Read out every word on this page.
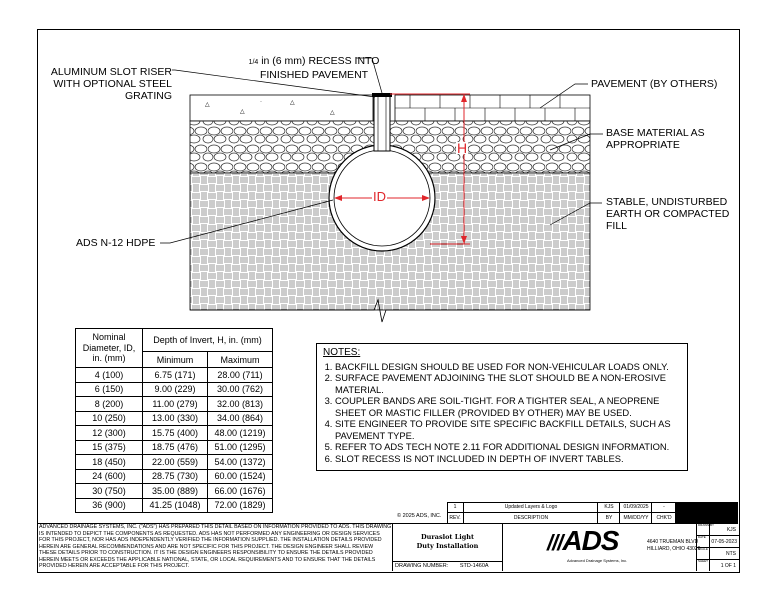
△
△
△
△
·
1/4 in (6 mm) RECESS INTO FINISHED PAVEMENT
ALUMINUM SLOT RISER WITH OPTIONAL STEEL GRATING
PAVEMENT (BY OTHERS)
BASE MATERIAL AS APPROPRIATE
STABLE, UNDISTURBED EARTH OR COMPACTED FILL
ADS N-12 HDPE
H
ID
Nominal Diameter, ID, in. (mm)	Depth of Invert, H, in. (mm)	
	Minimum	Maximum
4 (100)	6.75 (171)	28.00 (711)
6 (150)	9.00 (229)	30.00 (762)
8 (200)	11.00 (279)	32.00 (813)
10 (250)	13.00 (330)	34.00 (864)
12 (300)	15.75 (400)	48.00 (1219)
15 (375)	18.75 (476)	51.00 (1295)
18 (450)	22.00 (559)	54.00 (1372)
24 (600)	28.75 (730)	60.00 (1524)
30 (750)	35.00 (889)	66.00 (1676)
36 (900)	41.25 (1048)	72.00 (1829)
NOTES:
1. BACKFILL DESIGN SHOULD BE USED FOR NON-VEHICULAR LOADS ONLY.
2. SURFACE PAVEMENT ADJOINING THE SLOT SHOULD BE A NON-EROSIVE MATERIAL.
3. COUPLER BANDS ARE SOIL-TIGHT. FOR A TIGHTER SEAL, A NEOPRENE SHEET OR MASTIC FILLER (PROVIDED BY OTHER) MAY BE USED.
4. SITE ENGINEER TO PROVIDE SITE SPECIFIC BACKFILL DETAILS, SUCH AS PAVEMENT TYPE.
5. REFER TO ADS TECH NOTE 2.11 FOR ADDITIONAL DESIGN INFORMATION.
6. SLOT RECESS IS NOT INCLUDED IN DEPTH OF INVERT TABLES.
© 2025 ADS, INC.
1	Updated Layers & Logo	KJS	01/09/2025	-
REV.	DESCRIPTION	BY	MM/DD/YY	CHK'D
ADVANCED DRAINAGE SYSTEMS, INC. ("ADS") HAS PREPARED THIS DETAIL BASED ON INFORMATION PROVIDED TO ADS. THIS DRAWING IS INTENDED TO DEPICT THE COMPONENTS AS REQUESTED. ADS HAS NOT PERFORMED ANY ENGINEERING OR DESIGN SERVICES FOR THIS PROJECT, NOR HAS ADS INDEPENDENTLY VERIFIED THE INFORMATION SUPPLIED. THE INSTALLATION DETAILS PROVIDED HEREIN ARE GENERAL RECOMMENDATIONS AND ARE NOT SPECIFIC FOR THIS PROJECT. THE DESIGN ENGINEER SHALL REVIEW THESE DETAILS PRIOR TO CONSTRUCTION. IT IS THE DESIGN ENGINEERS RESPONSIBILITY TO ENSURE THE DETAILS PROVIDED HEREIN MEETS OR EXCEEDS THE APPLICABLE NATIONAL, STATE, OR LOCAL REQUIREMENTS AND TO ENSURE THAT THE DETAILS PROVIDED HEREIN ARE ACCEPTABLE FOR THIS PROJECT.
Duraslot Light
Duty Installation
DRAWING NUMBER: STD-1460A
///ADS
Advanced Drainage Systems, Inc.
4640 TRUEMAN BLVD
HILLIARD, OHIO 43026
DRAWN BY
KJS
DATE
07-05-2023
SCALE
NTS
SHEET
1 OF 1
